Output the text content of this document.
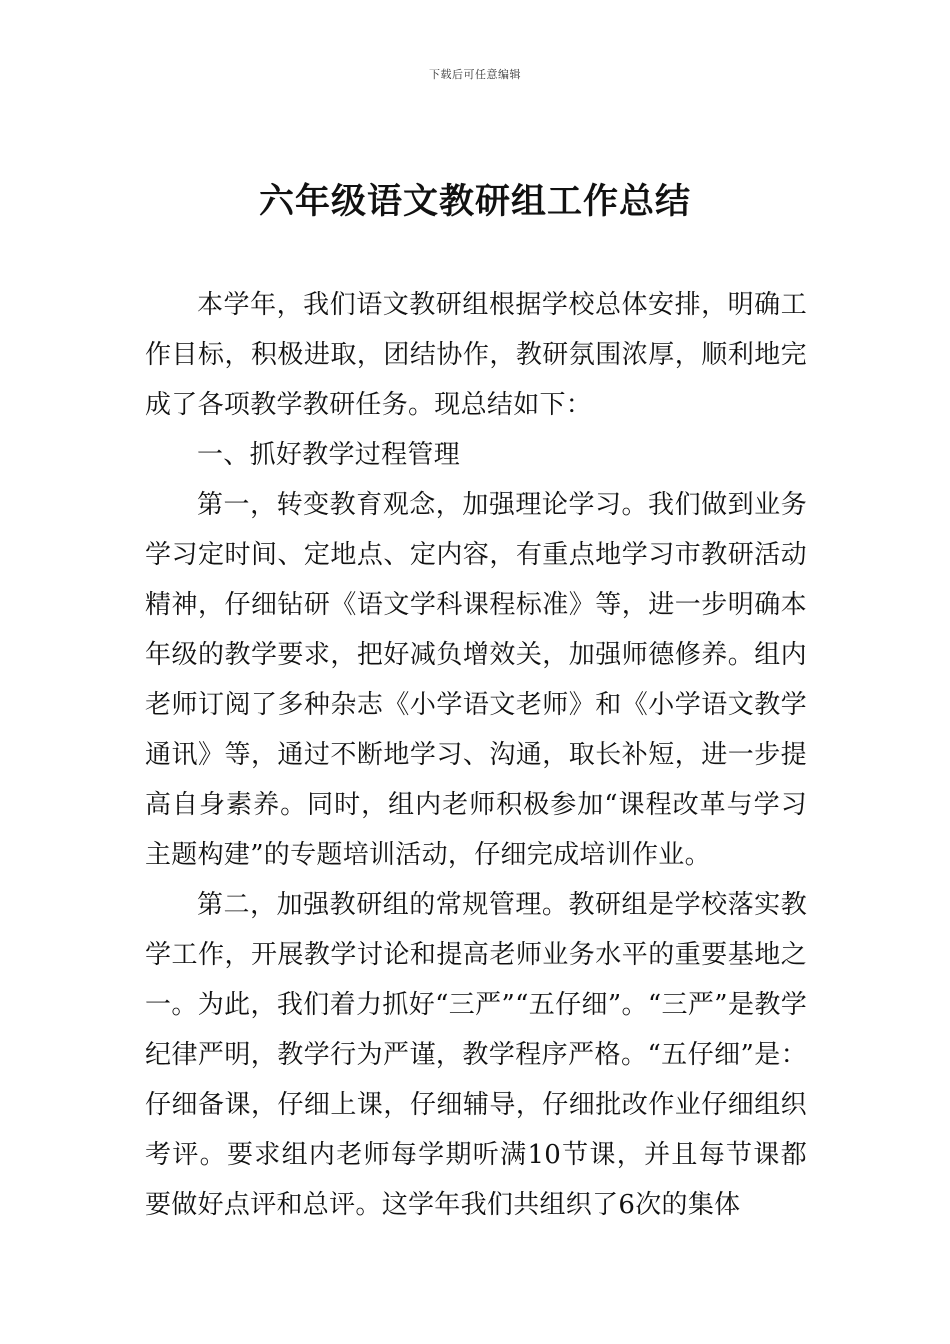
下载后可任意编辑
六年级语文教研组工作总结

本学年，我们语文教研组根据学校总体安排，明确工作目标，积极进取，团结协作，教研氛围浓厚，顺利地完成了各项教学教研任务。现总结如下：

一、抓好教学过程管理

第一，转变教育观念，加强理论学习。我们做到业务学习定时间、定地点、定内容，有重点地学习市教研活动精神，仔细钻研《语文学科课程标准》等，进一步明确本年级的教学要求，把好减负增效关，加强师德修养。组内老师订阅了多种杂志《小学语文老师》和《小学语文教学通讯》等，通过不断地学习、沟通，取长补短，进一步提高自身素养。同时，组内老师积极参加“课程改革与学习主题构建”的专题培训活动，仔细完成培训作业。

第二，加强教研组的常规管理。教研组是学校落实教学工作，开展教学讨论和提高老师业务水平的重要基地之一。为此，我们着力抓好“三严”“五仔细”。“三严”是教学纪律严明，教学行为严谨，教学程序严格。“五仔细”是：仔细备课，仔细上课，仔细辅导，仔细批改作业仔细组织考评。要求组内老师每学期听满10节课，并且每节课都要做好点评和总评。这学年我们共组织了6次的集体
